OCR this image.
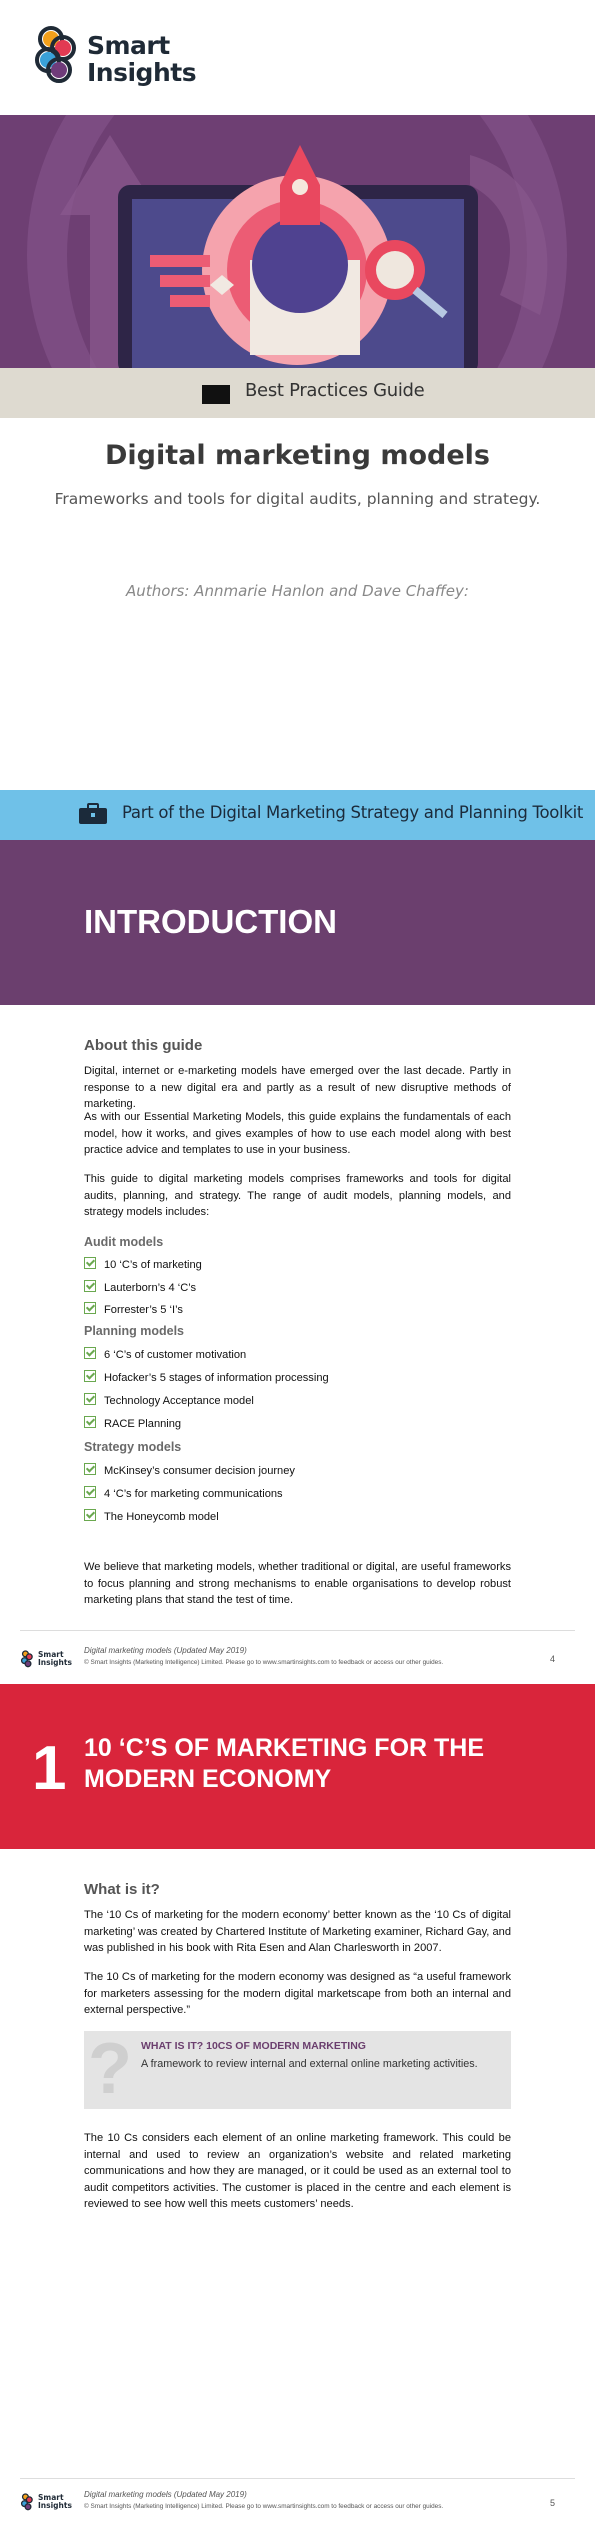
Smart
Insights
Best Practices Guide
Digital marketing models
Frameworks and tools for digital audits, planning and strategy.
Authors: Annmarie Hanlon and Dave Chaffey:
Part of the Digital Marketing Strategy and Planning Toolkit
INTRODUCTION
About this guide
Digital, internet or e-marketing models have emerged over the last decade. Partly in response to a new digital era and partly as a result of new disruptive methods of marketing.
As with our Essential Marketing Models, this guide explains the fundamentals of each model, how it works, and gives examples of how to use each model along with best practice advice and templates to use in your business.
This guide to digital marketing models comprises frameworks and tools for digital audits, planning, and strategy. The range of audit models, planning models, and strategy models includes:
Audit models
10 ‘C’s of marketing
Lauterborn’s 4 ‘C’s
Forrester’s 5 ‘I’s
Planning models
6 ‘C’s of customer motivation
Hofacker’s 5 stages of information processing
Technology Acceptance model
RACE Planning
Strategy models
McKinsey’s consumer decision journey
4 ‘C’s for marketing communications
The Honeycomb model
We believe that marketing models, whether traditional or digital, are useful frameworks to focus planning and strong mechanisms to enable organisations to develop robust marketing plans that stand the test of time.
Smart
Insights
Digital marketing models (Updated May 2019)
© Smart Insights (Marketing Intelligence) Limited. Please go to www.smartinsights.com to feedback or access our other guides.	4
1 10 ‘C’S OF MARKETING FOR THE MODERN ECONOMY
What is it?
The ‘10 Cs of marketing for the modern economy’ better known as the ‘10 Cs of digital marketing’ was created by Chartered Institute of Marketing examiner, Richard Gay, and was published in his book with Rita Esen and Alan Charlesworth in 2007.
The 10 Cs of marketing for the modern economy was designed as “a useful framework for marketers assessing for the modern digital marketscape from both an internal and external perspective.”
? WHAT IS IT? 10CS OF MODERN MARKETING
A framework to review internal and external online marketing activities.
The 10 Cs considers each element of an online marketing framework. This could be internal and used to review an organization’s website and related marketing communications and how they are managed, or it could be used as an external tool to audit competitors activities. The customer is placed in the centre and each element is reviewed to see how well this meets customers’ needs.
Smart
Insights
Digital marketing models (Updated May 2019)
© Smart Insights (Marketing Intelligence) Limited. Please go to www.smartinsights.com to feedback or access our other guides.	5
